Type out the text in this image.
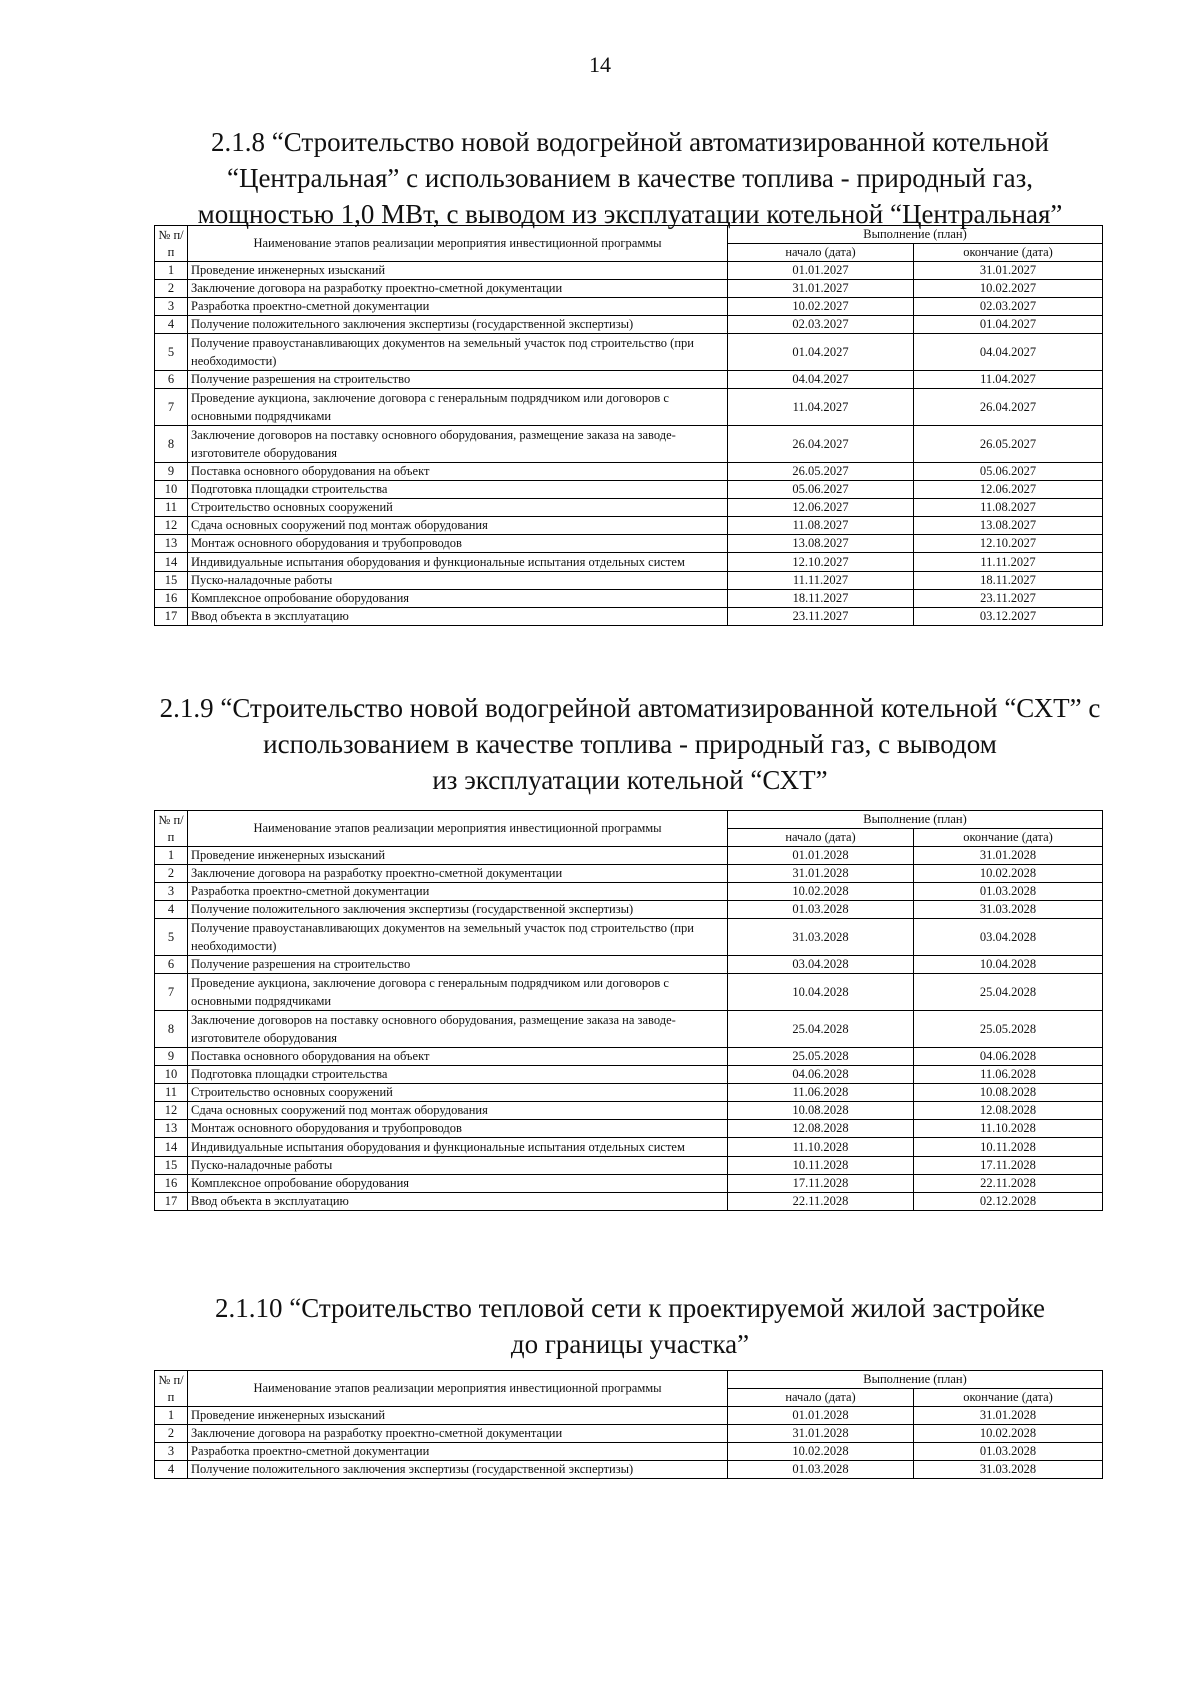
14
2.1.8 “Строительство новой водогрейной автоматизированной котельной
“Центральная” с использованием в качестве топлива - природный газ,
мощностью 1,0 МВт, с выводом из эксплуатации котельной “Центральная”
№ п/п	Наименование этапов реализации мероприятия инвестиционной программы	Выполнение (план)	
		начало (дата)	окончание (дата)
1	Проведение инженерных изысканий	01.01.2027	31.01.2027
2	Заключение договора на разработку проектно-сметной документации	31.01.2027	10.02.2027
3	Разработка проектно-сметной документации	10.02.2027	02.03.2027
4	Получение положительного заключения экспертизы (государственной экспертизы)	02.03.2027	01.04.2027
5	Получение правоустанавливающих документов на земельный участок под строительство (при необходимости)	01.04.2027	04.04.2027
6	Получение разрешения на строительство	04.04.2027	11.04.2027
7	Проведение аукциона, заключение договора с генеральным подрядчиком или договоров с основными подрядчиками	11.04.2027	26.04.2027
8	Заключение договоров на поставку основного оборудования, размещение заказа на заводе-изготовителе оборудования	26.04.2027	26.05.2027
9	Поставка основного оборудования на объект	26.05.2027	05.06.2027
10	Подготовка площадки строительства	05.06.2027	12.06.2027
11	Строительство основных сооружений	12.06.2027	11.08.2027
12	Сдача основных сооружений под монтаж оборудования	11.08.2027	13.08.2027
13	Монтаж основного оборудования и трубопроводов	13.08.2027	12.10.2027
14	Индивидуальные испытания оборудования и функциональные испытания отдельных систем	12.10.2027	11.11.2027
15	Пуско-наладочные работы	11.11.2027	18.11.2027
16	Комплексное опробование оборудования	18.11.2027	23.11.2027
17	Ввод объекта в эксплуатацию	23.11.2027	03.12.2027
2.1.9 “Строительство новой водогрейной автоматизированной котельной “СХТ” с
использованием в качестве топлива - природный газ, с выводом
из эксплуатации котельной “СХТ”
№ п/п	Наименование этапов реализации мероприятия инвестиционной программы	Выполнение (план)	
		начало (дата)	окончание (дата)
1	Проведение инженерных изысканий	01.01.2028	31.01.2028
2	Заключение договора на разработку проектно-сметной документации	31.01.2028	10.02.2028
3	Разработка проектно-сметной документации	10.02.2028	01.03.2028
4	Получение положительного заключения экспертизы (государственной экспертизы)	01.03.2028	31.03.2028
5	Получение правоустанавливающих документов на земельный участок под строительство (при необходимости)	31.03.2028	03.04.2028
6	Получение разрешения на строительство	03.04.2028	10.04.2028
7	Проведение аукциона, заключение договора с генеральным подрядчиком или договоров с основными подрядчиками	10.04.2028	25.04.2028
8	Заключение договоров на поставку основного оборудования, размещение заказа на заводе-изготовителе оборудования	25.04.2028	25.05.2028
9	Поставка основного оборудования на объект	25.05.2028	04.06.2028
10	Подготовка площадки строительства	04.06.2028	11.06.2028
11	Строительство основных сооружений	11.06.2028	10.08.2028
12	Сдача основных сооружений под монтаж оборудования	10.08.2028	12.08.2028
13	Монтаж основного оборудования и трубопроводов	12.08.2028	11.10.2028
14	Индивидуальные испытания оборудования и функциональные испытания отдельных систем	11.10.2028	10.11.2028
15	Пуско-наладочные работы	10.11.2028	17.11.2028
16	Комплексное опробование оборудования	17.11.2028	22.11.2028
17	Ввод объекта в эксплуатацию	22.11.2028	02.12.2028
2.1.10 “Строительство тепловой сети к проектируемой жилой застройке
до границы участка”
№ п/п	Наименование этапов реализации мероприятия инвестиционной программы	Выполнение (план)	
		начало (дата)	окончание (дата)
1	Проведение инженерных изысканий	01.01.2028	31.01.2028
2	Заключение договора на разработку проектно-сметной документации	31.01.2028	10.02.2028
3	Разработка проектно-сметной документации	10.02.2028	01.03.2028
4	Получение положительного заключения экспертизы (государственной экспертизы)	01.03.2028	31.03.2028
